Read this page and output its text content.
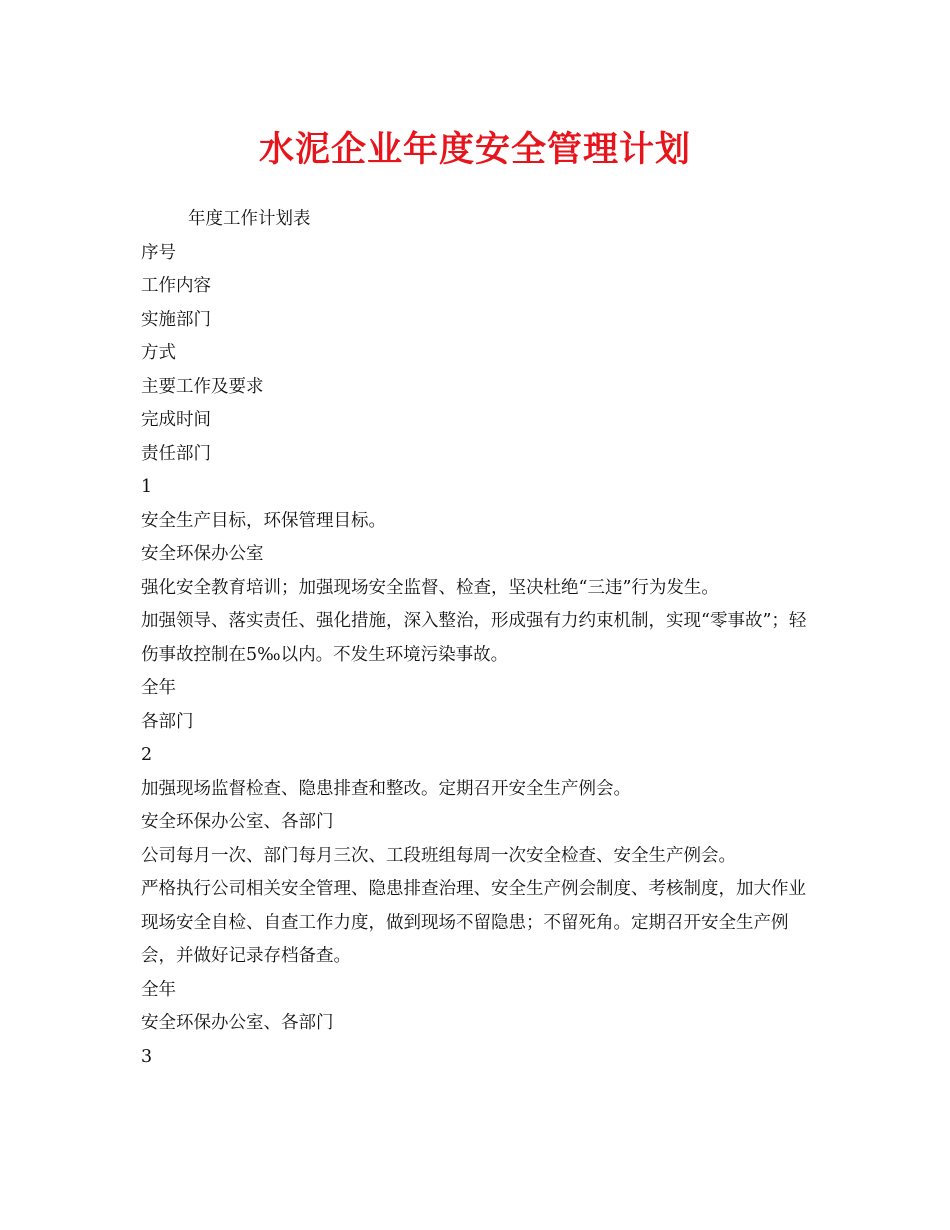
水泥企业年度安全管理计划

年度工作计划表

序号

工作内容

实施部门

方式

主要工作及要求

完成时间

责任部门

1

安全生产目标，环保管理目标。

安全环保办公室

强化安全教育培训；加强现场安全监督、检查，坚决杜绝“三违”行为发生。

加强领导、落实责任、强化措施，深入整治，形成强有力约束机制，实现“零事故”；轻伤事故控制在5‰以内。不发生环境污染事故。

全年

各部门

2

加强现场监督检查、隐患排查和整改。定期召开安全生产例会。

安全环保办公室、各部门

公司每月一次、部门每月三次、工段班组每周一次安全检查、安全生产例会。

严格执行公司相关安全管理、隐患排查治理、安全生产例会制度、考核制度，加大作业现场安全自检、自查工作力度，做到现场不留隐患；不留死角。定期召开安全生产例会，并做好记录存档备查。

全年

安全环保办公室、各部门

3
